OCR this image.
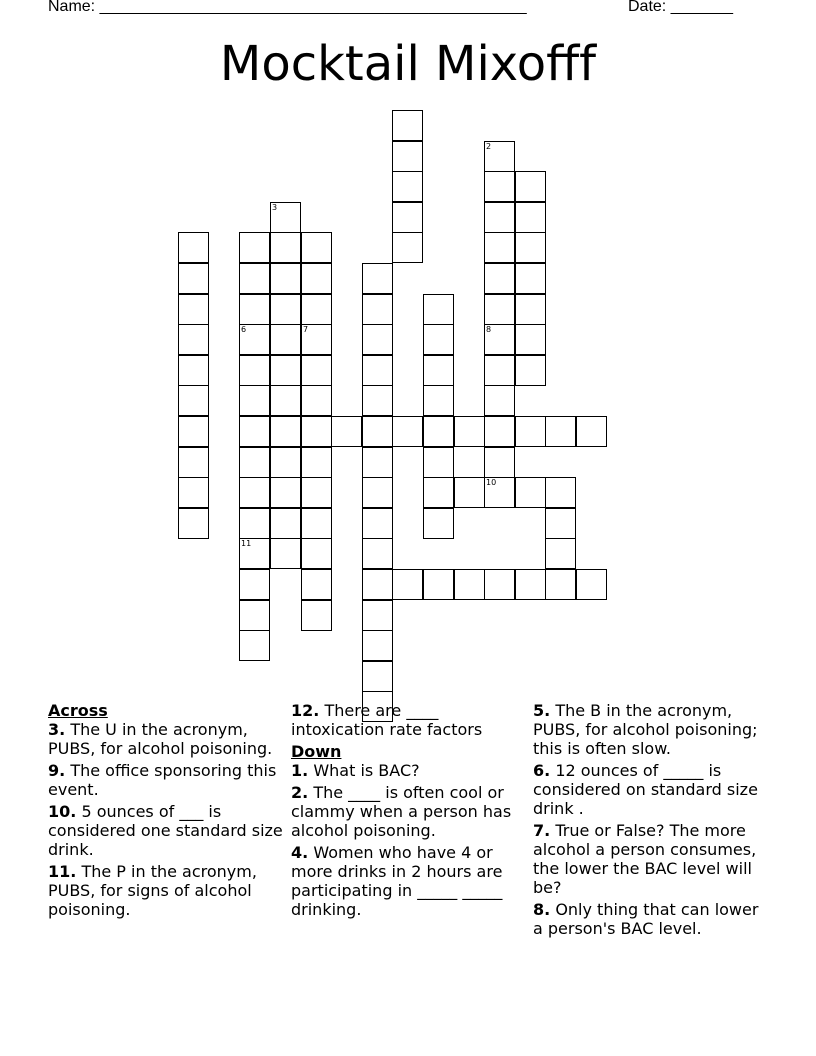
Name: ________________________________________________	Date: _______
Mocktail Mixofff
2
8
7
6
11
3
10
Across
3. The U in the acronym, PUBS, for alcohol poisoning.
9. The office sponsoring this event.
10. 5 ounces of ___ is considered one standard size drink.
11. The P in the acronym, PUBS, for signs of alcohol poisoning.
12. There are ____ intoxication rate factors
Down
1. What is BAC?
2. The ____ is often cool or clammy when a person has alcohol poisoning.
4. Women who have 4 or more drinks in 2 hours are participating in _____ _____ drinking.
5. The B in the acronym, PUBS, for alcohol poisoning; this is often slow.
6. 12 ounces of _____ is considered on standard size drink .
7. True or False? The more alcohol a person consumes, the lower the BAC level will be?
8. Only thing that can lower a person's BAC level.
